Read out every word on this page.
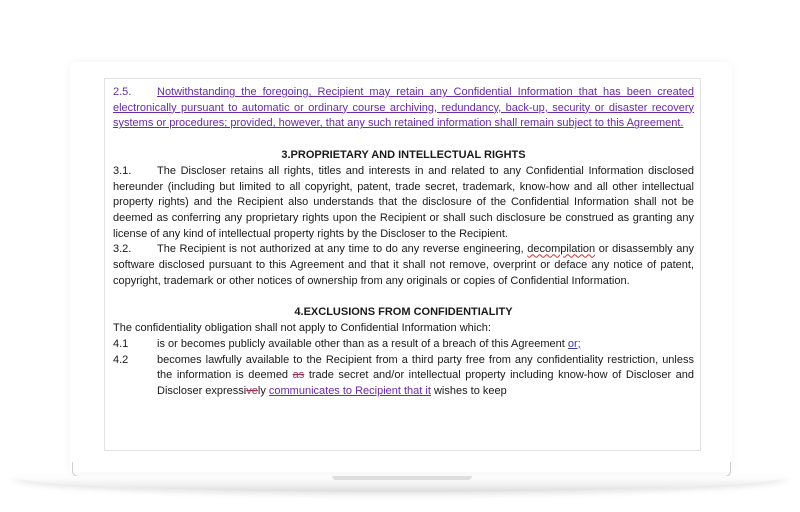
2.5. Notwithstanding the foregoing, Recipient may retain any Confidential Information that has been created electronically pursuant to automatic or ordinary course archiving, redundancy, back-up, security or disaster recovery systems or procedures; provided, however, that any such retained information shall remain subject to this Agreement.

3.PROPRIETARY AND INTELLECTUAL RIGHTS

3.1. The Discloser retains all rights, titles and interests in and related to any Confidential Information disclosed hereunder (including but limited to all copyright, patent, trade secret, trademark, know-how and all other intellectual property rights) and the Recipient also understands that the disclosure of the Confidential Information shall not be deemed as conferring any proprietary rights upon the Recipient or shall such disclosure be construed as granting any license of any kind of intellectual property rights by the Discloser to the Recipient.

3.2. The Recipient is not authorized at any time to do any reverse engineering, decompilation or disassembly any software disclosed pursuant to this Agreement and that it shall not remove, overprint or deface any notice of patent, copyright, trademark or other notices of ownership from any originals or copies of Confidential Information.

4.EXCLUSIONS FROM CONFIDENTIALITY

The confidentiality obligation shall not apply to Confidential Information which:

4.1	is or becomes publicly available other than as a result of a breach of this Agreement or;
4.2	becomes lawfully available to the Recipient from a third party free from any confidentiality restriction, unless the information is deemed as trade secret and/or intellectual property including know-how of Discloser and Discloser expressively communicates to Recipient that it wishes to keep
